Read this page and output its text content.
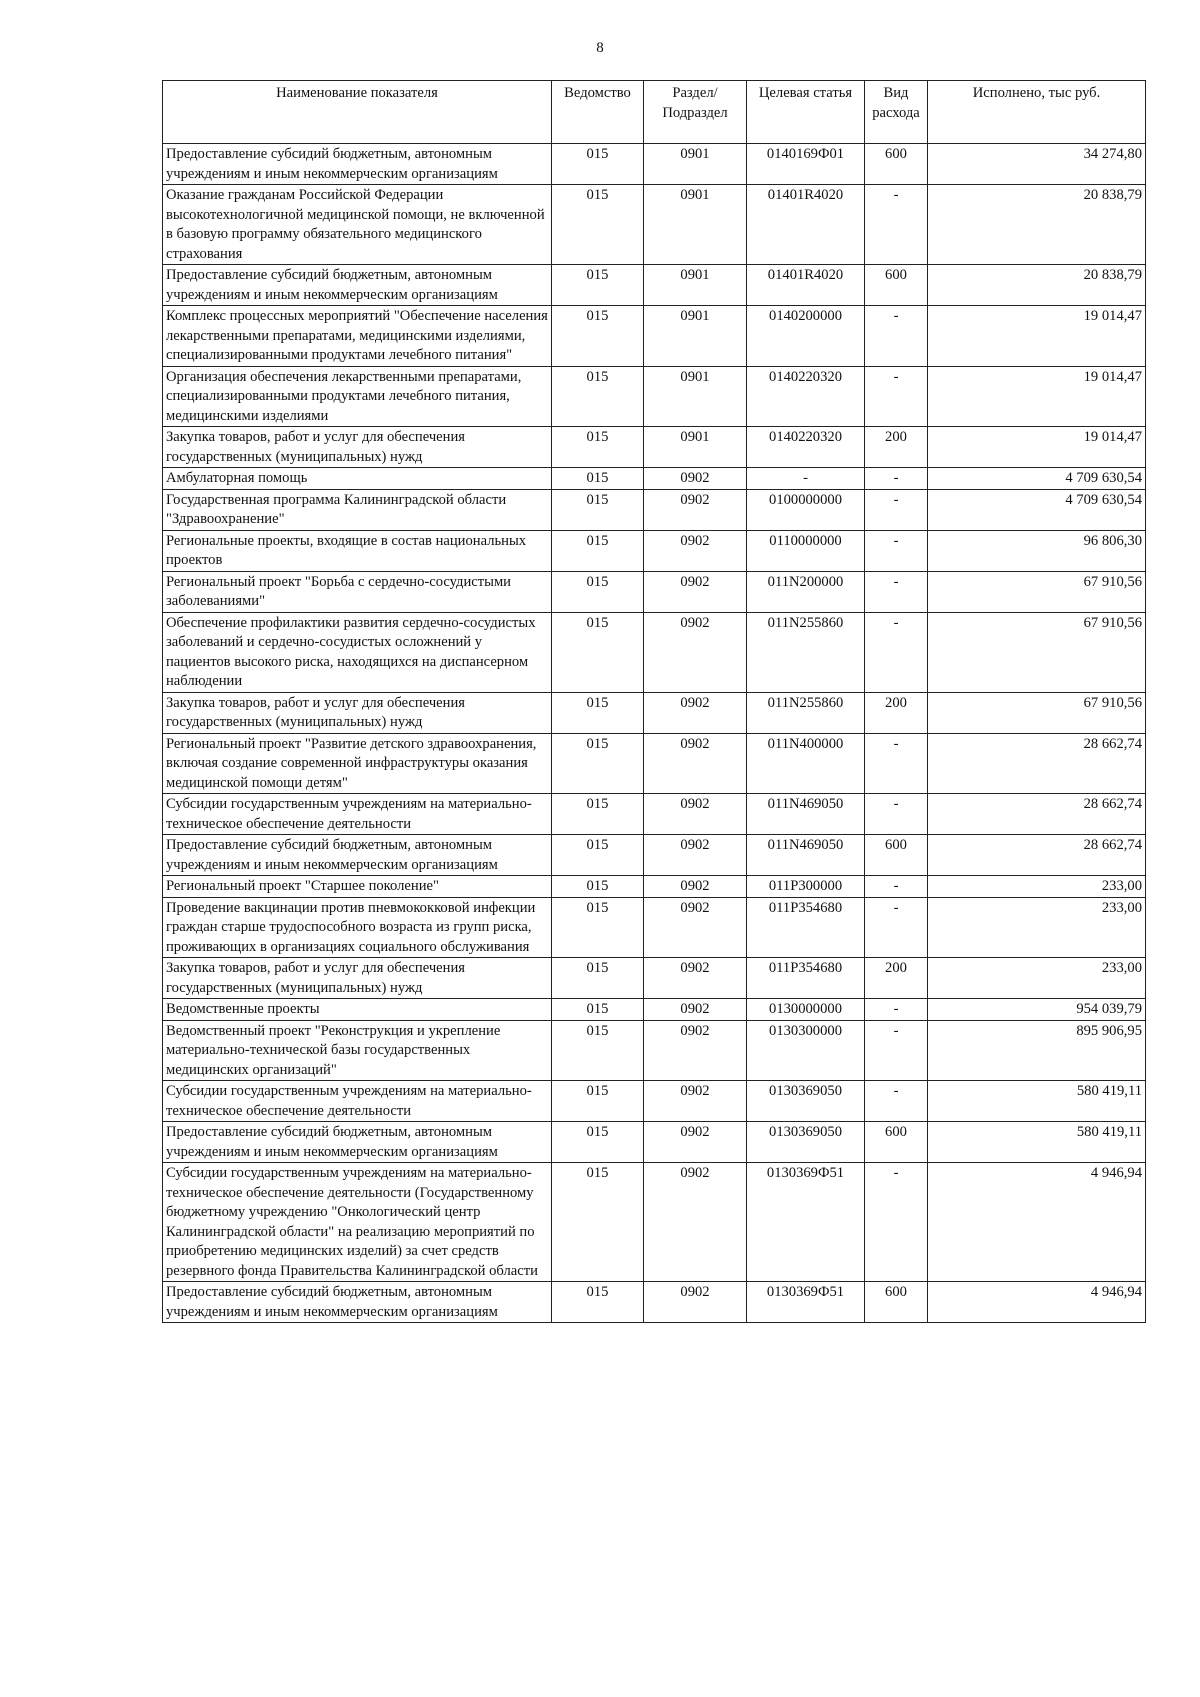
8
Наименование показателя	Ведомство	Раздел/ Подраздел	Целевая статья	Вид расхода	Исполнено, тыс руб.
Предоставление субсидий бюджетным, автономным учреждениям и иным некоммерческим организациям	015	0901	0140169Ф01	600	34 274,80
Оказание гражданам Российской Федерации высокотехнологичной медицинской помощи, не включенной в базовую программу обязательного медицинского страхования	015	0901	01401R4020	-	20 838,79
Предоставление субсидий бюджетным, автономным учреждениям и иным некоммерческим организациям	015	0901	01401R4020	600	20 838,79
Комплекс процессных мероприятий "Обеспечение населения лекарственными препаратами, медицинскими изделиями, специализированными продуктами лечебного питания"	015	0901	0140200000	-	19 014,47
Организация обеспечения лекарственными препаратами, специализированными продуктами лечебного питания, медицинскими изделиями	015	0901	0140220320	-	19 014,47
Закупка товаров, работ и услуг для обеспечения государственных (муниципальных) нужд	015	0901	0140220320	200	19 014,47
Амбулаторная помощь	015	0902	-	-	4 709 630,54
Государственная программа Калининградской области "Здравоохранение"	015	0902	0100000000	-	4 709 630,54
Региональные проекты, входящие в состав национальных проектов	015	0902	0110000000	-	96 806,30
Региональный проект "Борьба с сердечно-сосудистыми заболеваниями"	015	0902	011N200000	-	67 910,56
Обеспечение профилактики развития сердечно-сосудистых заболеваний и сердечно-сосудистых осложнений у пациентов высокого риска, находящихся на диспансерном наблюдении	015	0902	011N255860	-	67 910,56
Закупка товаров, работ и услуг для обеспечения государственных (муниципальных) нужд	015	0902	011N255860	200	67 910,56
Региональный проект "Развитие детского здравоохранения, включая создание современной инфраструктуры оказания медицинской помощи детям"	015	0902	011N400000	-	28 662,74
Субсидии государственным учреждениям на материально-техническое обеспечение деятельности	015	0902	011N469050	-	28 662,74
Предоставление субсидий бюджетным, автономным учреждениям и иным некоммерческим организациям	015	0902	011N469050	600	28 662,74
Региональный проект "Старшее поколение"	015	0902	011P300000	-	233,00
Проведение вакцинации против пневмококковой инфекции граждан старше трудоспособного возраста из групп риска, проживающих в организациях социального обслуживания	015	0902	011P354680	-	233,00
Закупка товаров, работ и услуг для обеспечения государственных (муниципальных) нужд	015	0902	011P354680	200	233,00
Ведомственные проекты	015	0902	0130000000	-	954 039,79
Ведомственный проект "Реконструкция и укрепление материально-технической базы государственных медицинских организаций"	015	0902	0130300000	-	895 906,95
Субсидии государственным учреждениям на материально-техническое обеспечение деятельности	015	0902	0130369050	-	580 419,11
Предоставление субсидий бюджетным, автономным учреждениям и иным некоммерческим организациям	015	0902	0130369050	600	580 419,11
Субсидии государственным учреждениям на материально-техническое обеспечение деятельности (Государственному бюджетному учреждению "Онкологический центр Калининградской области" на реализацию мероприятий по приобретению медицинских изделий) за счет средств резервного фонда Правительства Калининградской области	015	0902	0130369Ф51	-	4 946,94
Предоставление субсидий бюджетным, автономным учреждениям и иным некоммерческим организациям	015	0902	0130369Ф51	600	4 946,94
